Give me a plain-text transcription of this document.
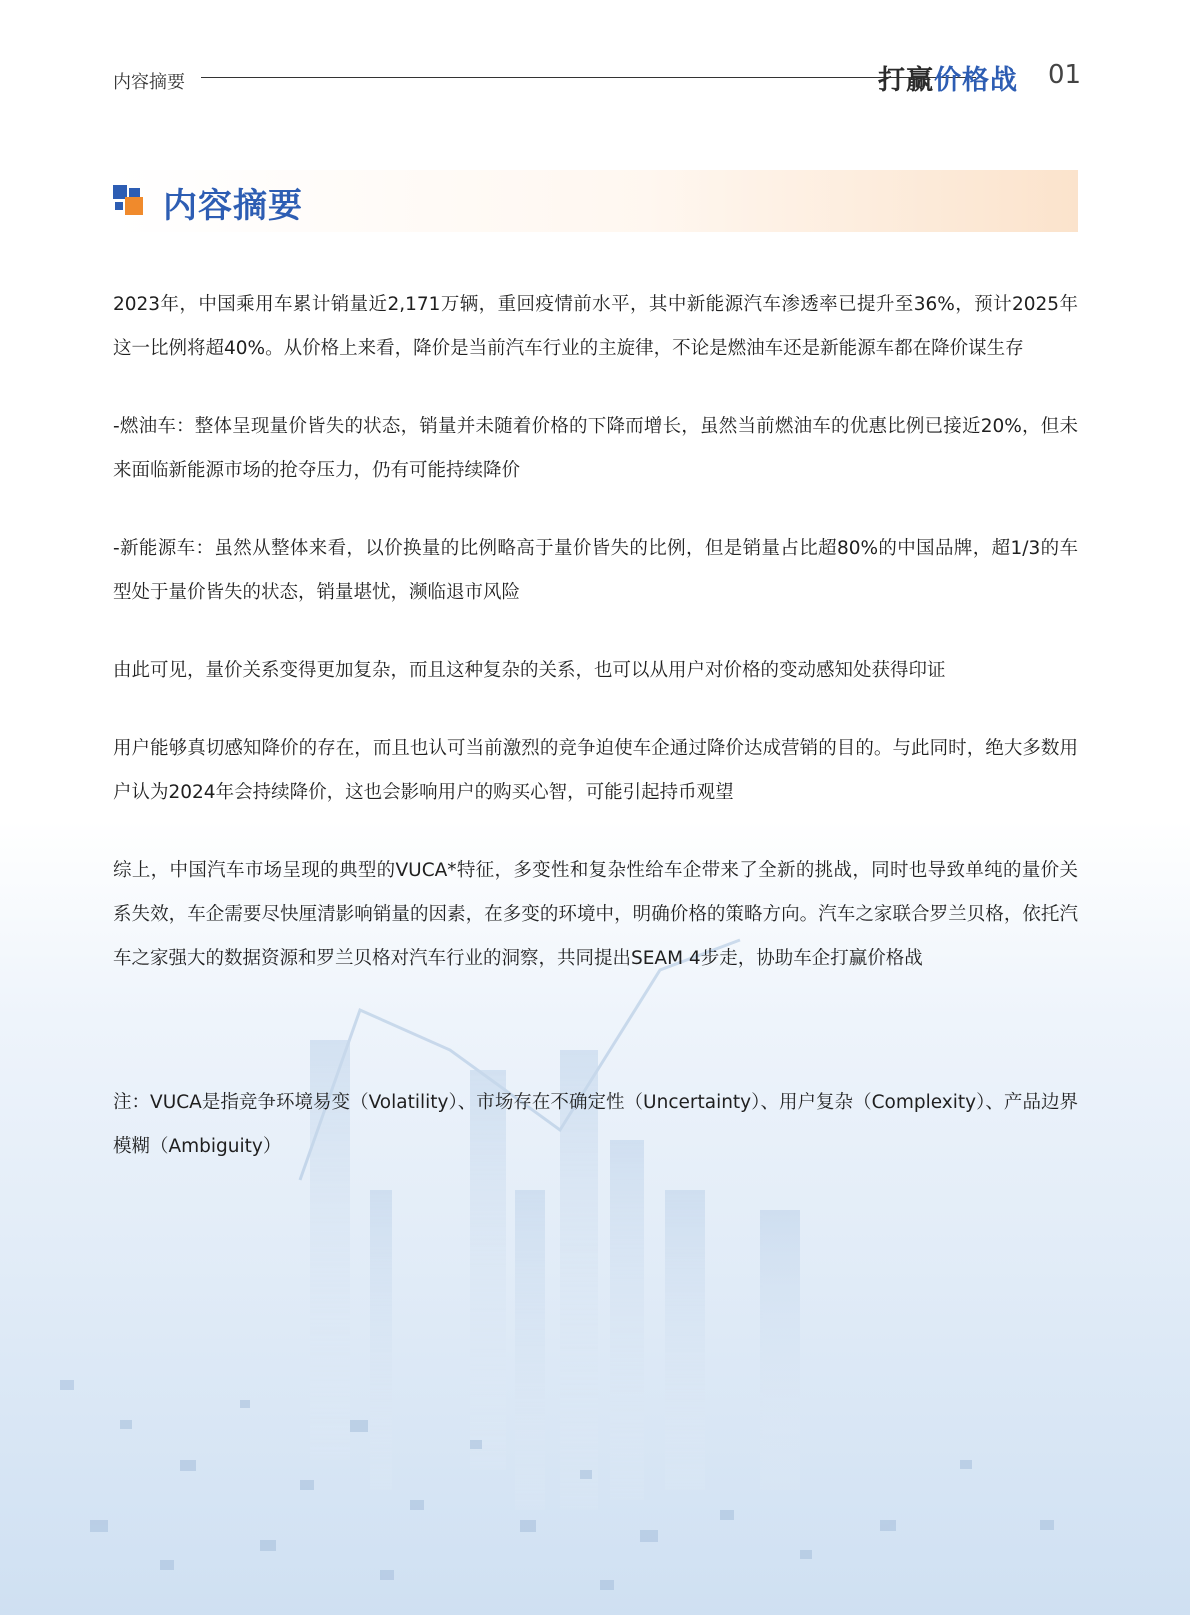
内容摘要	打赢价格战 01
内容摘要

2023年，中国乘用车累计销量近2,171万辆，重回疫情前水平，其中新能源汽车渗透率已提升至36%，预计2025年这一比例将超40%。从价格上来看，降价是当前汽车行业的主旋律，不论是燃油车还是新能源车都在降价谋生存

-燃油车：整体呈现量价皆失的状态，销量并未随着价格的下降而增长，虽然当前燃油车的优惠比例已接近20%，但未来面临新能源市场的抢夺压力，仍有可能持续降价

-新能源车：虽然从整体来看，以价换量的比例略高于量价皆失的比例，但是销量占比超80%的中国品牌，超1/3的车型处于量价皆失的状态，销量堪忧，濒临退市风险

由此可见，量价关系变得更加复杂，而且这种复杂的关系，也可以从用户对价格的变动感知处获得印证

用户能够真切感知降价的存在，而且也认可当前激烈的竞争迫使车企通过降价达成营销的目的。与此同时，绝大多数用户认为2024年会持续降价，这也会影响用户的购买心智，可能引起持币观望

综上，中国汽车市场呈现的典型的VUCA*特征，多变性和复杂性给车企带来了全新的挑战，同时也导致单纯的量价关系失效，车企需要尽快厘清影响销量的因素，在多变的环境中，明确价格的策略方向。汽车之家联合罗兰贝格，依托汽车之家强大的数据资源和罗兰贝格对汽车行业的洞察，共同提出SEAM 4步走，协助车企打赢价格战

注：VUCA是指竞争环境易变（Volatility）、市场存在不确定性（Uncertainty）、用户复杂（Complexity）、产品边界模糊（Ambiguity）
